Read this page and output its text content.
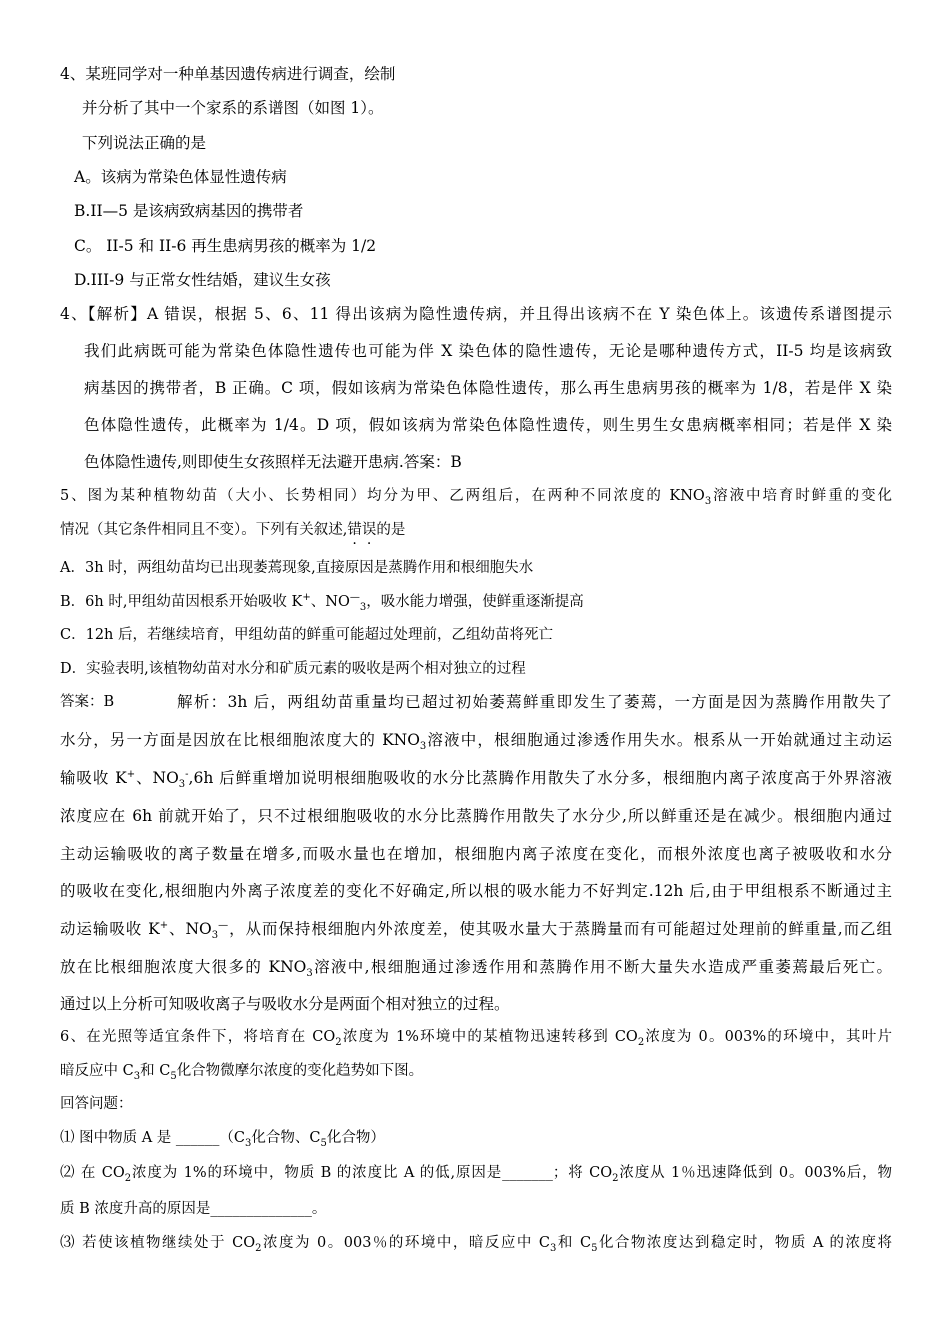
4、某班同学对一种单基因遗传病进行调查，绘制
并分析了其中一个家系的系谱图（如图 1）。
下列说法正确的是
A。该病为常染色体显性遗传病
B.II—5 是该病致病基因的携带者
C。 II-5 和 II-6 再生患病男孩的概率为 1/2
D.III-9 与正常女性结婚，建议生女孩
4、【解析】A 错误，根据 5、6、11 得出该病为隐性遗传病，并且得出该病不在 Y 染色体上。该遗传系谱图提示
我们此病既可能为常染色体隐性遗传也可能为伴 X 染色体的隐性遗传，无论是哪种遗传方式，II-5 均是该病致
病基因的携带者，B 正确。C 项，假如该病为常染色体隐性遗传，那么再生患病男孩的概率为 1/8，若是伴 X 染
色体隐性遗传，此概率为 1/4。D 项，假如该病为常染色体隐性遗传，则生男生女患病概率相同；若是伴 X 染
色体隐性遗传,则即使生女孩照样无法避开患病.答案：B
5、图为某种植物幼苗（大小、长势相同）均分为甲、乙两组后，在两种不同浓度的 $KNO_3$溶液中培育时鲜重的变化
情况（其它条件相同且不变）。下列有关叙述,错误的是
A．3h 时，两组幼苗均已出现萎蔫现象,直接原因是蒸腾作用和根细胞失水
B．6h 时,甲组幼苗因根系开始吸收 K+、$NO^—_3$，吸水能力增强，使鲜重逐渐提高
C．12h 后，若继续培育，甲组幼苗的鲜重可能超过处理前，乙组幼苗将死亡
D．实验表明,该植物幼苗对水分和矿质元素的吸收是两个相对独立的过程
答案：B	解析：3h 后，两组幼苗重量均已超过初始萎蔫鲜重即发生了萎蔫，一方面是因为蒸腾作用散失了
水分，另一方面是因放在比根细胞浓度大的 $KNO_3$溶液中，根细胞通过渗透作用失水。根系从一开始就通过主动运
输吸收 K+、$NO_3^-,6h$ 后鲜重增加说明根细胞吸收的水分比蒸腾作用散失了水分多，根细胞内离子浓度高于外界溶液
浓度应在 6h 前就开始了，只不过根细胞吸收的水分比蒸腾作用散失了水分少,所以鲜重还是在减少。根细胞内通过
主动运输吸收的离子数量在增多,而吸水量也在增加，根细胞内离子浓度在变化，而根外浓度也离子被吸收和水分
的吸收在变化,根细胞内外离子浓度差的变化不好确定,所以根的吸水能力不好判定.12h 后,由于甲组根系不断通过主
动运输吸收 K+、$NO_3^—$，从而保持根细胞内外浓度差，使其吸水量大于蒸腾量而有可能超过处理前的鲜重量,而乙组
放在比根细胞浓度大很多的 $KNO_3$溶液中,根细胞通过渗透作用和蒸腾作用不断大量失水造成严重萎蔫最后死亡。
通过以上分析可知吸收离子与吸收水分是两面个相对独立的过程。
6、在光照等适宜条件下，将培育在 $CO_2$浓度为 1%环境中的某植物迅速转移到 $CO_2$浓度为 0。003%的环境中，其叶片
暗反应中 $C_3$和 $C_5$化合物微摩尔浓度的变化趋势如下图。
回答问题：
⑴ 图中物质 A 是 $\_\_\_\_\_\_(C_3$化合物、$C_5$化合物）
⑵ 在 $CO_2$浓度为 1%的环境中，物质 B 的浓度比 A 的低,原因是_______；将 $CO_2$浓度从 1％迅速降低到 0。003%后，物
质 B 浓度升高的原因是______________。
⑶ 若使该植物继续处于 $CO_2$浓度为 0。003％的环境中，暗反应中 $C_3$和 $C_5$化合物浓度达到稳定时，物质 A 的浓度将
